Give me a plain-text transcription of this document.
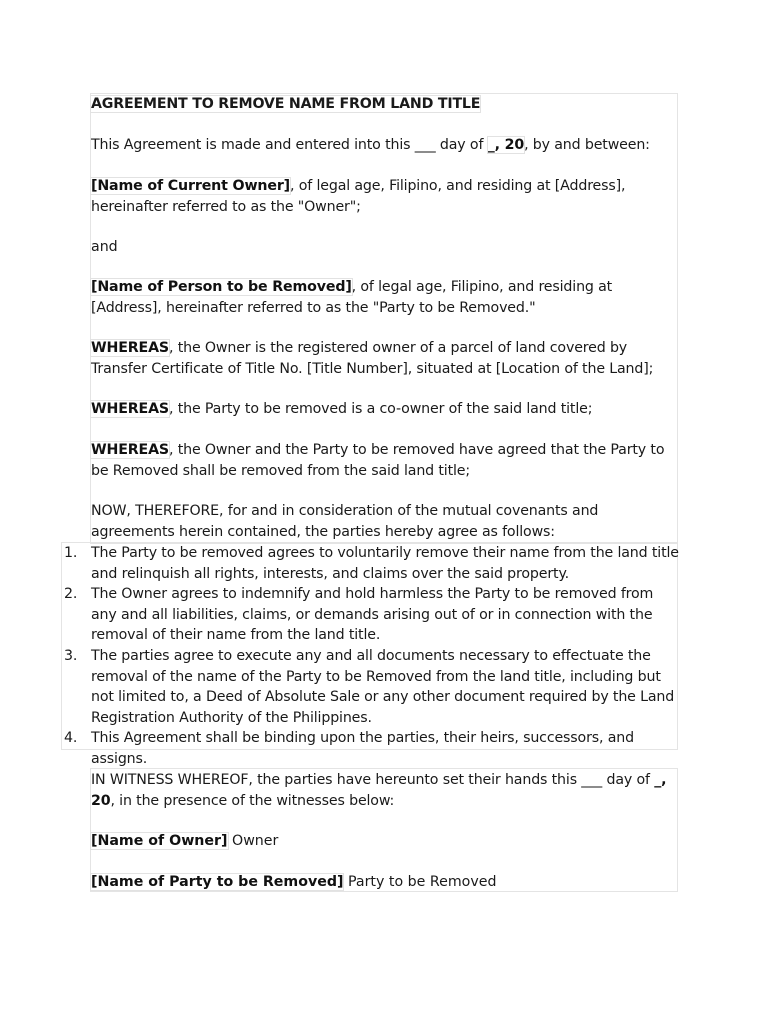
AGREEMENT TO REMOVE NAME FROM LAND TITLE

This Agreement is made and entered into this ___ day of _, 20, by and between:

[Name of Current Owner], of legal age, Filipino, and residing at [Address], hereinafter referred to as the "Owner";

and

[Name of Person to be Removed], of legal age, Filipino, and residing at [Address], hereinafter referred to as the "Party to be Removed."

WHEREAS, the Owner is the registered owner of a parcel of land covered by Transfer Certificate of Title No. [Title Number], situated at [Location of the Land];

WHEREAS, the Party to be removed is a co-owner of the said land title;

WHEREAS, the Owner and the Party to be removed have agreed that the Party to be Removed shall be removed from the said land title;

NOW, THEREFORE, for and in consideration of the mutual covenants and agreements herein contained, the parties hereby agree as follows:

1. The Party to be removed agrees to voluntarily remove their name from the land title and relinquish all rights, interests, and claims over the said property.
2. The Owner agrees to indemnify and hold harmless the Party to be removed from any and all liabilities, claims, or demands arising out of or in connection with the removal of their name from the land title.
3. The parties agree to execute any and all documents necessary to effectuate the removal of the name of the Party to be Removed from the land title, including but not limited to, a Deed of Absolute Sale or any other document required by the Land Registration Authority of the Philippines.
4. This Agreement shall be binding upon the parties, their heirs, successors, and assigns.

IN WITNESS WHEREOF, the parties have hereunto set their hands this ___ day of _, 20, in the presence of the witnesses below:

[Name of Owner] Owner

[Name of Party to be Removed] Party to be Removed
